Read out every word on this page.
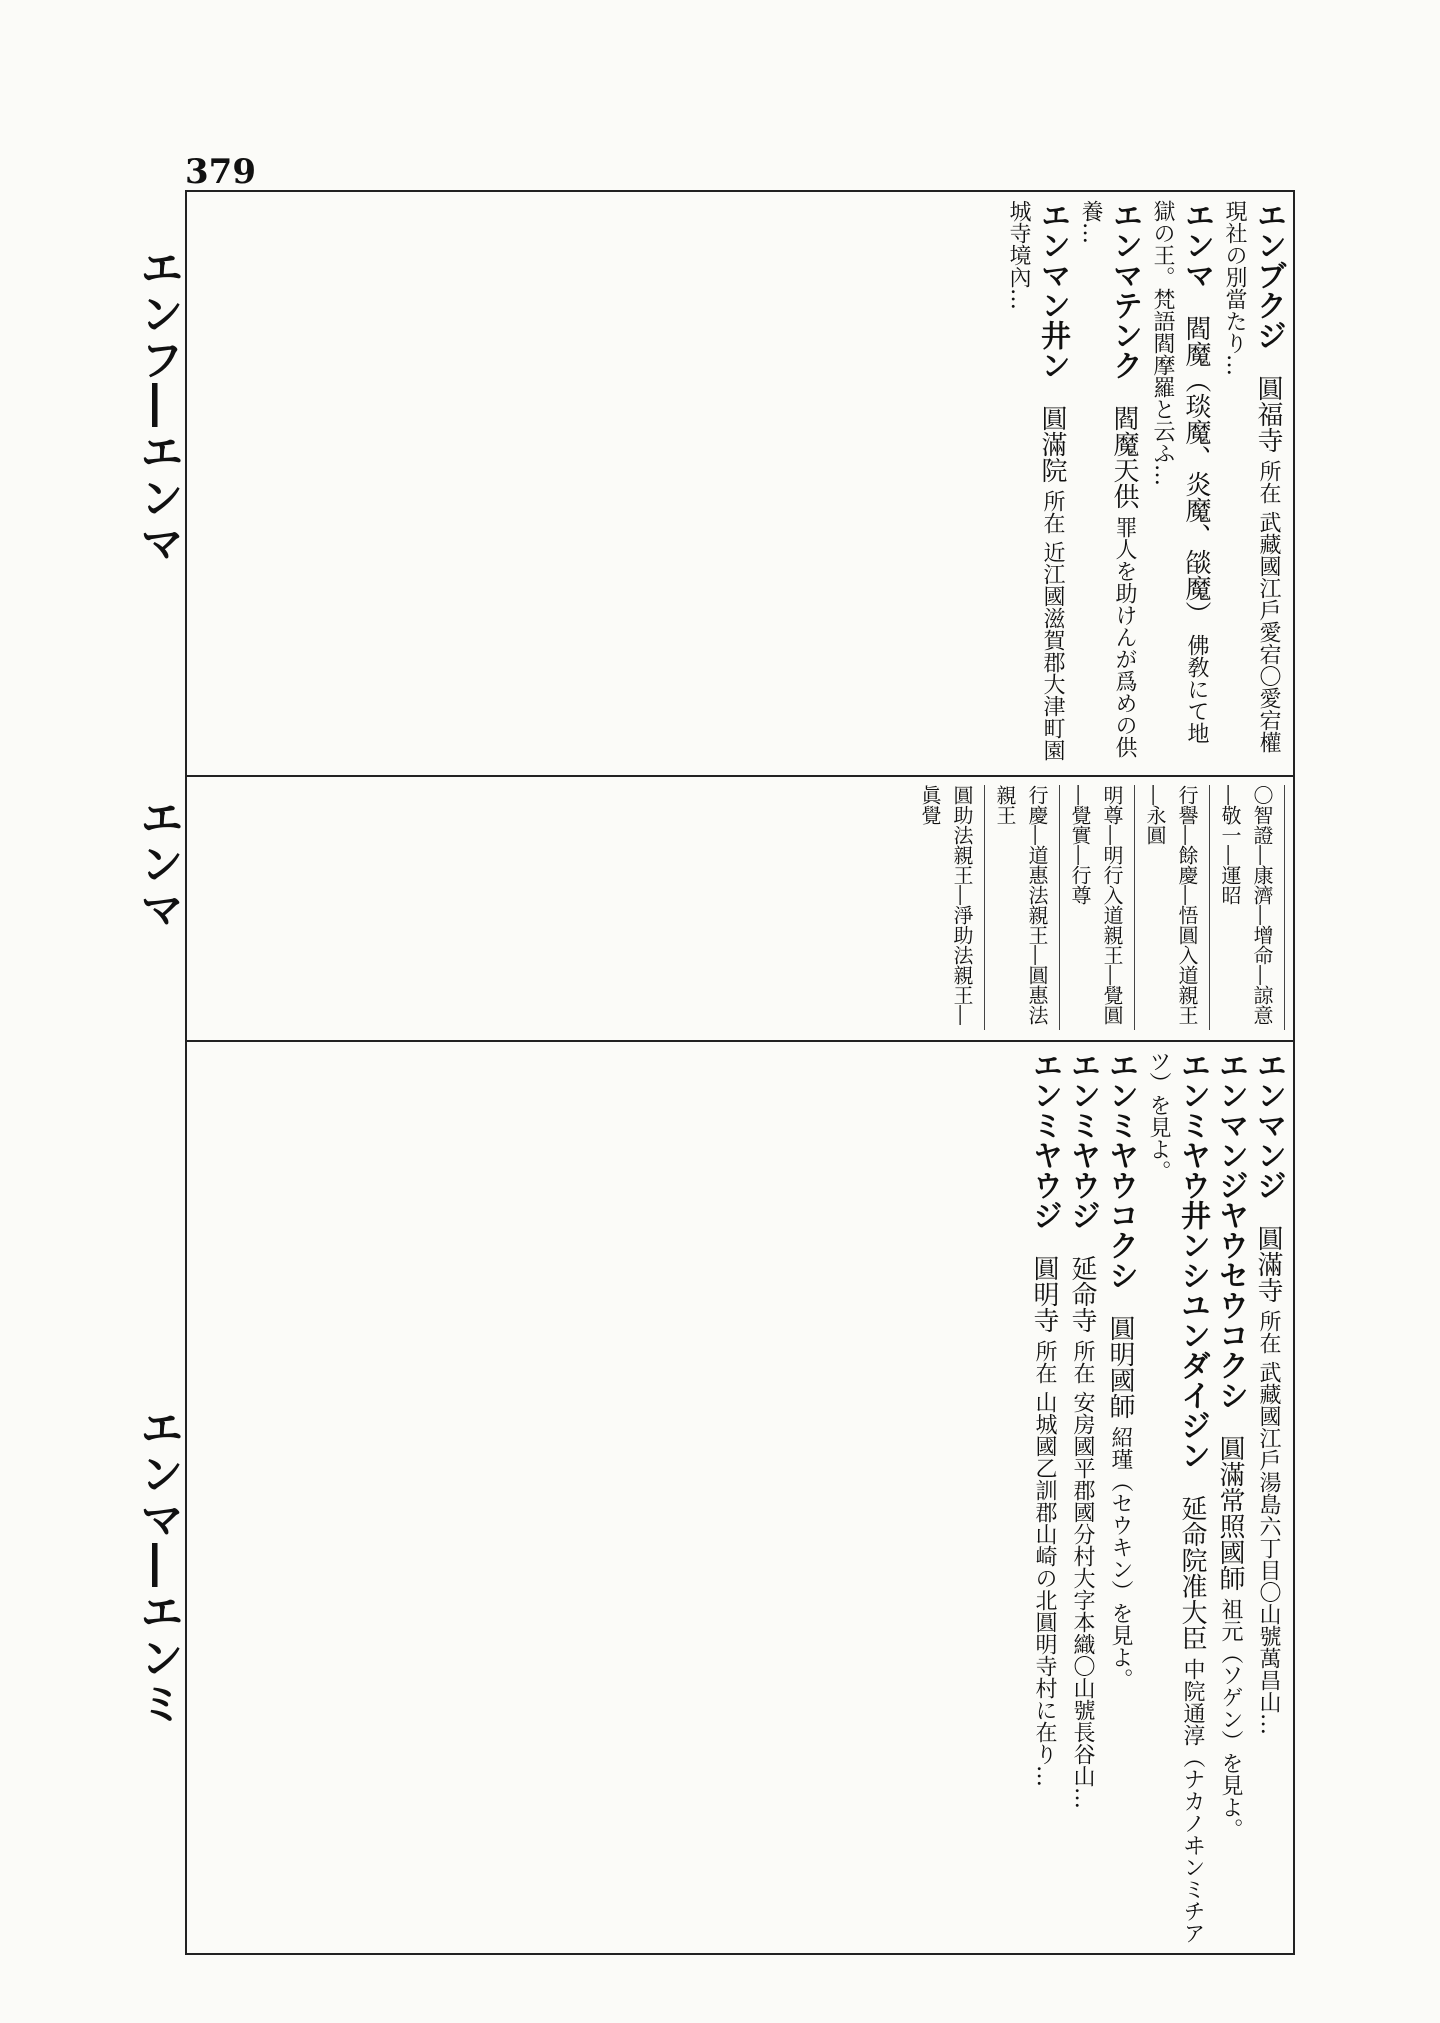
379
エンフ―エンマ
エンマ
エンマ―エンミ
エンブクジ 圓福寺 所在 武藏國江戶愛宕〇愛宕權現社の別當たり…
エンマ 閻魔（琰魔、炎魔、燄魔） 佛敎にて地獄の王。梵語閻摩羅と云ふ…
エンマテンク 閻魔天供 罪人を助けんが爲めの供養…
エンマン井ン 圓滿院 所在 近江國滋賀郡大津町園城寺境內…
〇智證―康濟―增命―諒意―敬一―運昭
行譽―餘慶―悟圓入道親王―永圓
明尊―明行入道親王―覺圓―覺實―行尊
行慶―道惠法親王―圓惠法親王
圓助法親王―淨助法親王―眞覺
エンマンジ 圓滿寺 所在 武藏國江戶湯島六丁目〇山號萬昌山…
エンマンジヤウセウコクシ 圓滿常照國師 祖元（ソゲン）を見よ。
エンミヤウ井ンシユンダイジン 延命院准大臣 中院通淳（ナカノヰンミチアツ）を見よ。
エンミヤウコクシ 圓明國師 紹瑾（セウキン）を見よ。
エンミヤウジ 延命寺 所在 安房國平郡國分村大字本織〇山號長谷山…
エンミヤウジ 圓明寺 所在 山城國乙訓郡山崎の北圓明寺村に在り…
